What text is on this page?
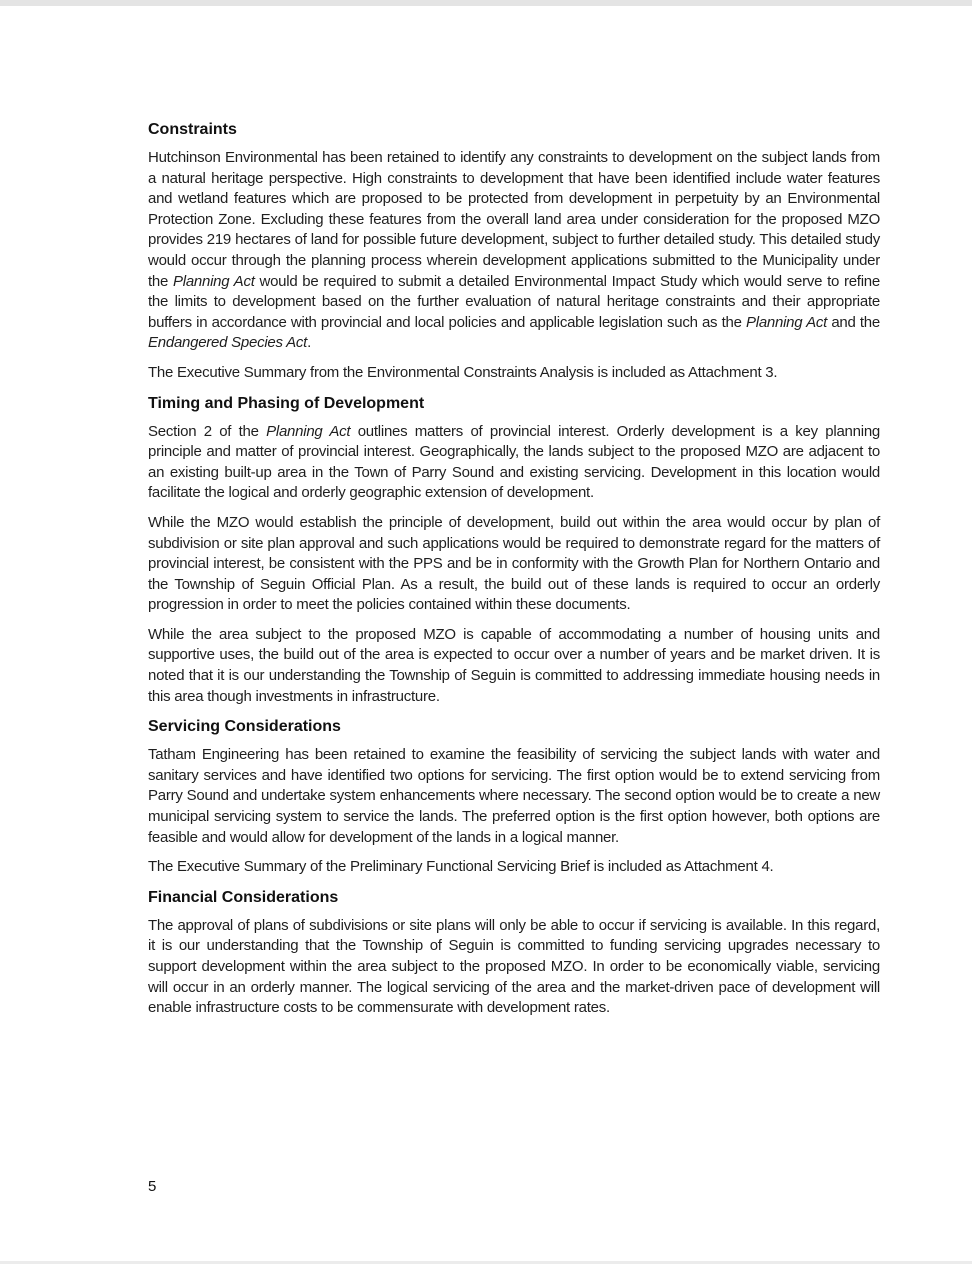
Constraints

Hutchinson Environmental has been retained to identify any constraints to development on the subject lands from a natural heritage perspective. High constraints to development that have been identified include water features and wetland features which are proposed to be protected from development in perpetuity by an Environmental Protection Zone. Excluding these features from the overall land area under consideration for the proposed MZO provides 219 hectares of land for possible future development, subject to further detailed study. This detailed study would occur through the planning process wherein development applications submitted to the Municipality under the Planning Act would be required to submit a detailed Environmental Impact Study which would serve to refine the limits to development based on the further evaluation of natural heritage constraints and their appropriate buffers in accordance with provincial and local policies and applicable legislation such as the Planning Act and the Endangered Species Act.

The Executive Summary from the Environmental Constraints Analysis is included as Attachment 3.

Timing and Phasing of Development

Section 2 of the Planning Act outlines matters of provincial interest. Orderly development is a key planning principle and matter of provincial interest. Geographically, the lands subject to the proposed MZO are adjacent to an existing built-up area in the Town of Parry Sound and existing servicing. Development in this location would facilitate the logical and orderly geographic extension of development.

While the MZO would establish the principle of development, build out within the area would occur by plan of subdivision or site plan approval and such applications would be required to demonstrate regard for the matters of provincial interest, be consistent with the PPS and be in conformity with the Growth Plan for Northern Ontario and the Township of Seguin Official Plan. As a result, the build out of these lands is required to occur an orderly progression in order to meet the policies contained within these documents.

While the area subject to the proposed MZO is capable of accommodating a number of housing units and supportive uses, the build out of the area is expected to occur over a number of years and be market driven. It is noted that it is our understanding the Township of Seguin is committed to addressing immediate housing needs in this area though investments in infrastructure.

Servicing Considerations

Tatham Engineering has been retained to examine the feasibility of servicing the subject lands with water and sanitary services and have identified two options for servicing. The first option would be to extend servicing from Parry Sound and undertake system enhancements where necessary. The second option would be to create a new municipal servicing system to service the lands. The preferred option is the first option however, both options are feasible and would allow for development of the lands in a logical manner.

The Executive Summary of the Preliminary Functional Servicing Brief is included as Attachment 4.

Financial Considerations

The approval of plans of subdivisions or site plans will only be able to occur if servicing is available. In this regard, it is our understanding that the Township of Seguin is committed to funding servicing upgrades necessary to support development within the area subject to the proposed MZO. In order to be economically viable, servicing will occur in an orderly manner. The logical servicing of the area and the market-driven pace of development will enable infrastructure costs to be commensurate with development rates.

5
